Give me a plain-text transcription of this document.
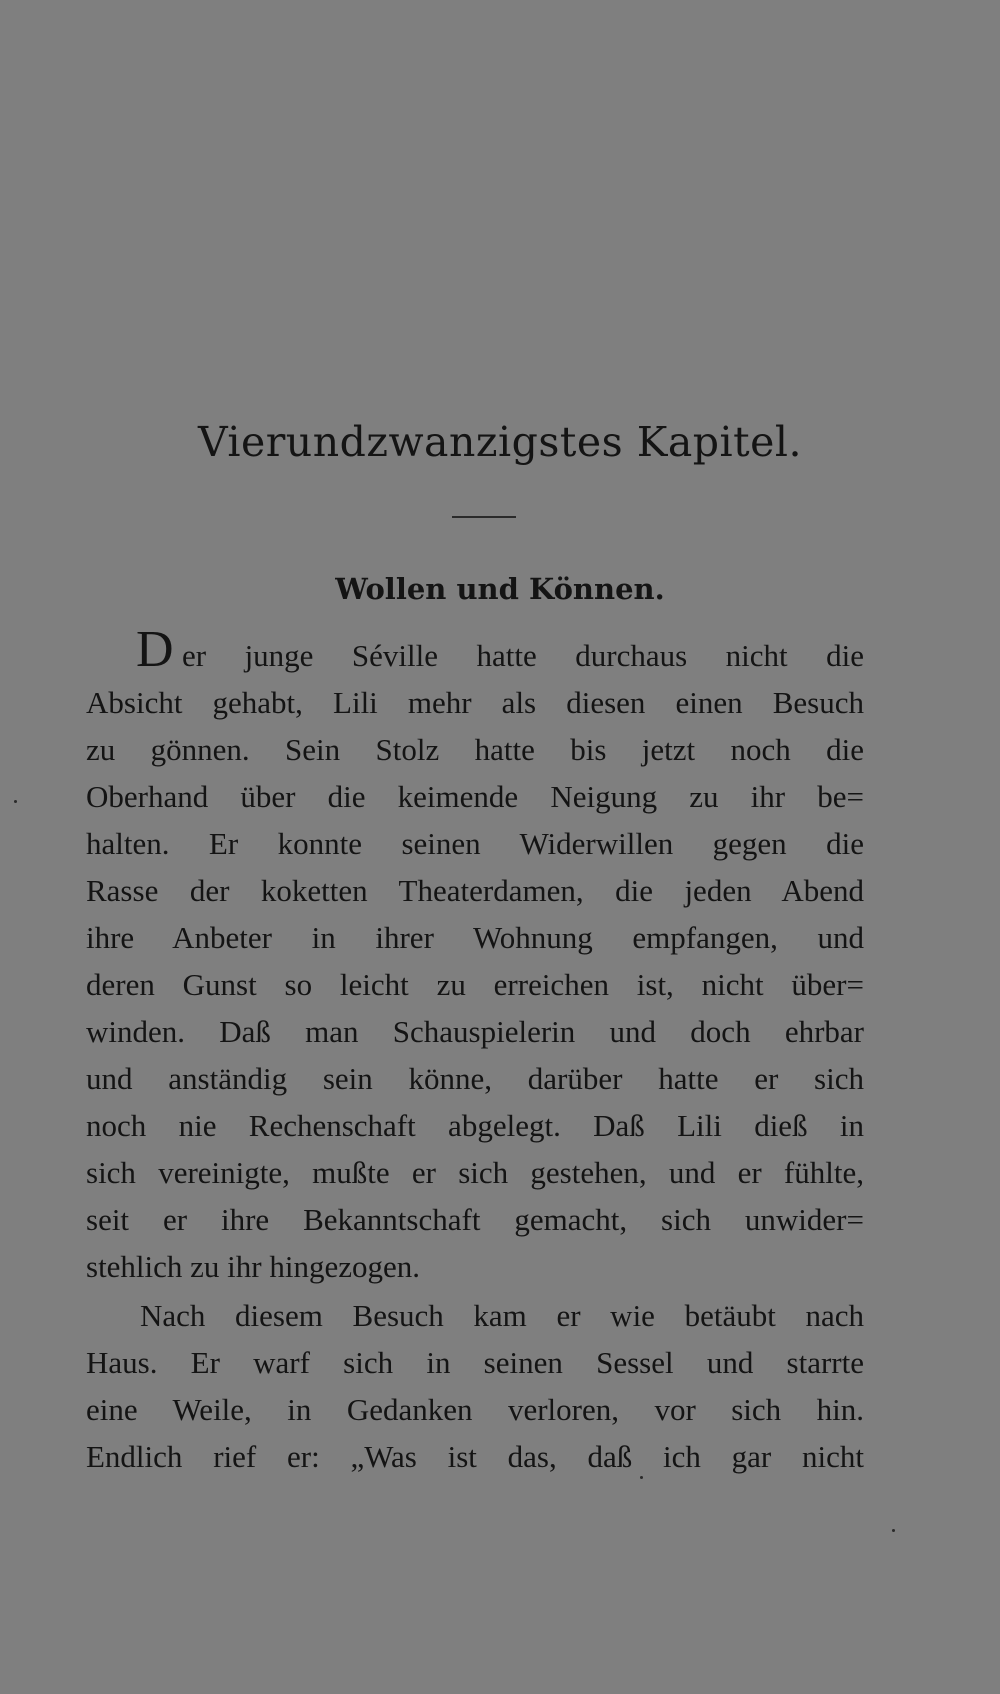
Vierundzwanzigstes Kapitel.
Wollen und Können.
D er junge Séville hatte durchaus nicht die
Absicht gehabt, Lili mehr als diesen einen Besuch
zu gönnen. Sein Stolz hatte bis jetzt noch die
Oberhand über die keimende Neigung zu ihr be=
halten. Er konnte seinen Widerwillen gegen die
Rasse der koketten Theaterdamen, die jeden Abend
ihre Anbeter in ihrer Wohnung empfangen, und
deren Gunst so leicht zu erreichen ist, nicht über=
winden. Daß man Schauspielerin und doch ehrbar
und anständig sein könne, darüber hatte er sich
noch nie Rechenschaft abgelegt. Daß Lili dieß in
sich vereinigte, mußte er sich gestehen, und er fühlte,
seit er ihre Bekanntschaft gemacht, sich unwider=
stehlich zu ihr hingezogen.
Nach diesem Besuch kam er wie betäubt nach
Haus. Er warf sich in seinen Sessel und starrte
eine Weile, in Gedanken verloren, vor sich hin.
Endlich rief er: „Was ist das, daß ich gar nicht
